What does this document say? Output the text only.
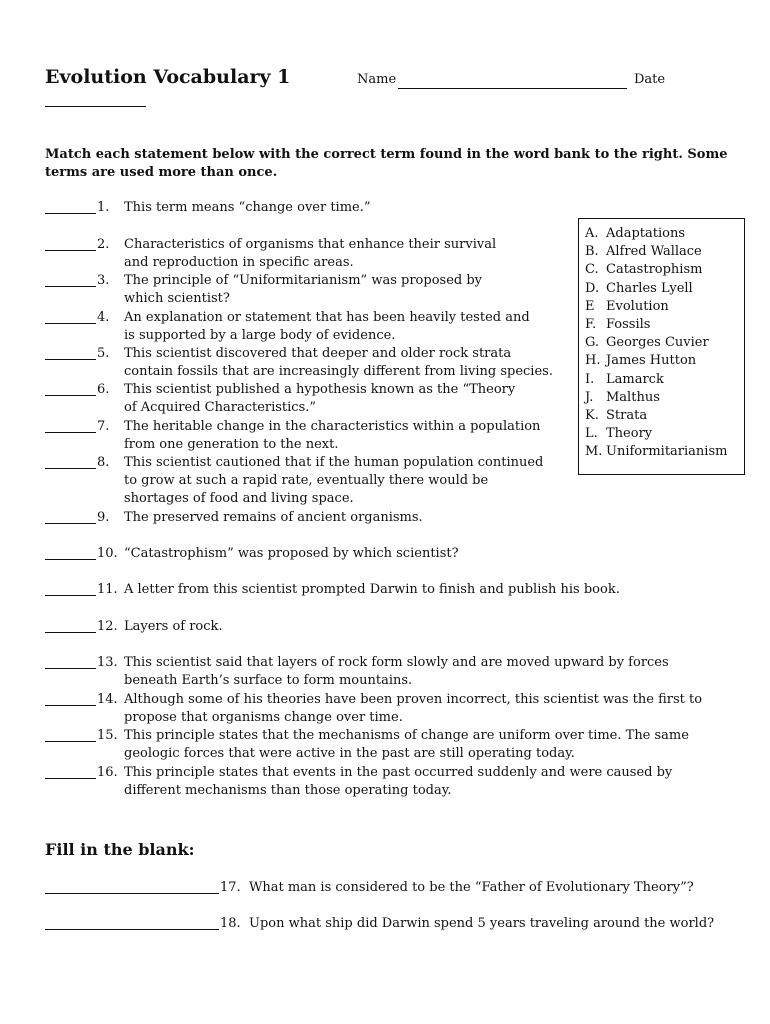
Evolution Vocabulary 1	Name	Date
Match each statement below with the correct term found in the word bank to the right. Some terms are used more than once.
1. This term means “change over time.”
2. Characteristics of organisms that enhance their survival and reproduction in specific areas.
3. The principle of “Uniformitarianism” was proposed by which scientist?
4. An explanation or statement that has been heavily tested and is supported by a large body of evidence.
5. This scientist discovered that deeper and older rock strata contain fossils that are increasingly different from living species.
6. This scientist published a hypothesis known as the “Theory of Acquired Characteristics.”
7. The heritable change in the characteristics within a population from one generation to the next.
8. This scientist cautioned that if the human population continued to grow at such a rapid rate, eventually there would be shortages of food and living space.
9. The preserved remains of ancient organisms.
10. “Catastrophism” was proposed by which scientist?
11. A letter from this scientist prompted Darwin to finish and publish his book.
12. Layers of rock.
13. This scientist said that layers of rock form slowly and are moved upward by forces beneath Earth’s surface to form mountains.
14. Although some of his theories have been proven incorrect, this scientist was the first to propose that organisms change over time.
15. This principle states that the mechanisms of change are uniform over time. The same geologic forces that were active in the past are still operating today.
16. This principle states that events in the past occurred suddenly and were caused by different mechanisms than those operating today.
A. Adaptations
B. Alfred Wallace
C. Catastrophism
D. Charles Lyell
E Evolution
F. Fossils
G. Georges Cuvier
H. James Hutton
I. Lamarck
J. Malthus
K. Strata
L. Theory
M. Uniformitarianism
Fill in the blank:
17. What man is considered to be the “Father of Evolutionary Theory”?
18. Upon what ship did Darwin spend 5 years traveling around the world?
